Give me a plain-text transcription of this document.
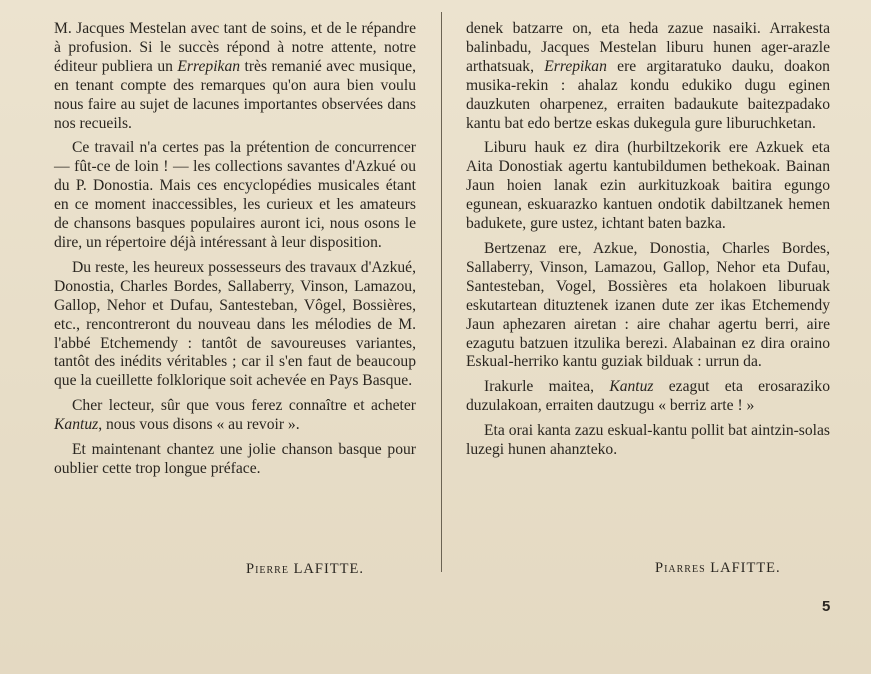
M. Jacques Mestelan avec tant de soins, et de le répandre à profusion. Si le succès répond à notre attente, notre éditeur publiera un Errepikan très remanié avec musique, en tenant compte des remarques qu'on aura bien voulu nous faire au sujet de lacunes importantes observées dans nos recueils.

Ce travail n'a certes pas la prétention de concurrencer — fût-ce de loin ! — les collections savantes d'Azkué ou du P. Donostia. Mais ces encyclopédies musicales étant en ce moment inaccessibles, les curieux et les amateurs de chansons basques populaires auront ici, nous osons le dire, un répertoire déjà intéressant à leur disposition.

Du reste, les heureux possesseurs des travaux d'Azkué, Donostia, Charles Bordes, Sallaberry, Vinson, Lamazou, Gallop, Nehor et Dufau, Santesteban, Vôgel, Bossières, etc., rencontreront du nouveau dans les mélodies de M. l'abbé Etchemendy : tantôt de savoureuses variantes, tantôt des inédits véritables ; car il s'en faut de beaucoup que la cueillette folklorique soit achevée en Pays Basque.

Cher lecteur, sûr que vous ferez connaître et acheter Kantuz, nous vous disons « au revoir ».

Et maintenant chantez une jolie chanson basque pour oublier cette trop longue préface.

denek batzarre on, eta heda zazue nasaiki. Arrakesta balinbadu, Jacques Mestelan liburu hunen ager-arazle arthatsuak, Errepikan ere argitaratuko dauku, doakon musika-rekin : ahalaz kondu edukiko dugu eginen dauzkuten oharpenez, erraiten badaukute baitezpadako kantu bat edo bertze eskas dukegula gure liburuchketan.

Liburu hauk ez dira (hurbiltzekorik ere Azkuek eta Aita Donostiak agertu kantubildumen bethekoak. Bainan Jaun hoien lanak ezin aurkituzkoak baitira egungo egunean, eskuarazko kantuen ondotik dabiltzanek hemen badukete, gure ustez, ichtant baten bazka.

Bertzenaz ere, Azkue, Donostia, Charles Bordes, Sallaberry, Vinson, Lamazou, Gallop, Nehor eta Dufau, Santesteban, Vogel, Bossières eta holakoen liburuak eskutartean dituztenek izanen dute zer ikas Etchemendy Jaun aphezaren airetan : aire chahar agertu berri, aire ezagutu batzuen itzulika berezi. Alabainan ez dira oraino Eskual-herriko kantu guziak bilduak : urrun da.

Irakurle maitea, Kantuz ezagut eta erosaraziko duzulakoan, erraiten dautzugu « berriz arte ! »

Eta orai kanta zazu eskual-kantu pollit bat aintzin-solas luzegi hunen ahanzteko.

Pierre LAFITTE.	Piarres LAFITTE.
5
